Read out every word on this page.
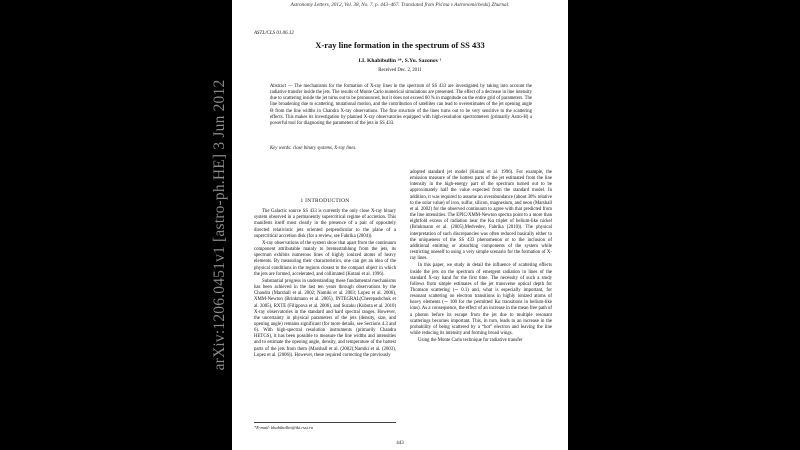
arXiv:1206.0451v1 [astro-ph.HE] 3 Jun 2012
Astronomy Letters, 2012, Vol. 38, No. 7, p. 443–467. Translated from Pis'ma v Astronomicheskij Zhurnal.
ASTL/CLS 01.06.12
X-ray line formation in the spectrum of SS 433
I.I. Khabibullin ¹*, S.Yu. Sazonov ¹
Received Dec. 2, 2011
Abstract — The mechanisms for the formation of X-ray lines in the spectrum of SS 433 are investigated by taking into account the radiative transfer inside the jets. The results of Monte Carlo numerical simulations are presented. The effect of a decrease in line intensity due to scattering inside the jet turns out to be pronounced, but it does not exceed 60 % in magnitude on the entire grid of parameters. The line broadening due to scattering, mutational motion, and the contribution of satellites can lead to overestimates of the jet opening angle Θ from the line widths in Chandra X-ray observations. The fine structure of the lines turns out to be very sensitive to the scattering effects. This makes its investigation by planned X-ray observatories equipped with high-resolution spectrometers (primarily Astro-H) a powerful tool for diagnosing the parameters of the jets in SS 433.
Key words: close binary systems, X-ray lines.
1 INTRODUCTION

The Galactic source SS 433 is currently the only close X-ray binary system observed in a permanently supercritical regime of accretion. This manifests itself most clearly in the presence of a pair of oppositely directed relativistic jets oriented perpendicular to the plane of a supercritical accretion disk (for a review, see Fabrika (2004)).

X-ray observations of the system show that apart from the continuum component attributable mainly to bremsstrahlung from the jets, its spectrum exhibits numerous lines of highly ionized atoms of heavy elements. By measuring their characteristics, one can get an idea of the physical conditions in the regions closest to the compact object in which the jets are formed, accelerated, and collimated (Kotani et al. 1996).

Substantial progress in understanding these fundamental mechanisms has been achieved in the last ten years through observations by the Chandra (Marshall et al. 2002; Namiki et al. 2003; Lopez et al. 2006), XMM-Newton (Brinkmann et al. 2005), INTEGRAL(Cherepashchuk et al. 2005), RXTE (Filippova et al. 2006), and Suzaku (Kubota et al. 2010) X-ray observatories in the standard and hard spectral ranges. However, the uncertainty in physical parameters of the jets (density, size, and opening angle) remains significant (for more details, see Sections 4.3 and 6). With high-spectral resolution instruments (primarily Chandra HETGS), it has been possible to measure the line widths and intensities and to estimate the opening angle, density, and temperature of the hottest parts of the jets from them (Marshall et al. (2002);Namiki et al. (2003), Lopez et al. (2006)). However, these required correcting the previously

adopted standard jet model (Kotani et al. 1996). For example, the emission measure of the hottest parts of the jet estimated from the line intensity in the high-energy part of the spectrum turned out to be approximately half the value expected from the standard model. In addition, it was required to assume an overabundance (about 30% relative to the solar value) of iron, sulfur, silicon, magnesium, and neon (Marshall et al. 2002) for the observed continuum to agree with that predicted from the line intensities. The EPIC/XMM-Newton spectra point to a more than eightfold excess of radiation near the Kα triplet of helium-like nickel (Brinkmann et al. (2005),Medvedev, Fabrika (2010)). The physical interpretation of such discrepancies was often reduced basically either to the uniqueness of the SS 433 phenomenon or to the inclusion of additional emitting or absorbing components of the system while restricting oneself to using a very simple scenario for the formation of X-ray lines.

In this paper, we study in detail the influence of scattering effects inside the jets on the spectrum of emergent radiation in lines of the standard X-ray band for the first time. The necessity of such a study follows from simple estimates of the jet transverse optical depth for Thomson scattering (∼ 0.1) and, what is especially important, for resonant scattering on electron transitions in highly ionized atoms of heavy elements (∼ 100 for the permitted Kα transitions in helium-like ions). As a consequence, the effect of an increase in the mean free path of a photon before its escape from the jet due to multiple resonant scatterings becomes important. This, in turn, leads to an increase in the probability of being scattered by a “hot” electron and leaving the line while reducing its intensity and forming broad wings.

Using the Monte Carlo technique for radiative transfer

*E-mail: khabibullin@iki.rssi.ru
443
